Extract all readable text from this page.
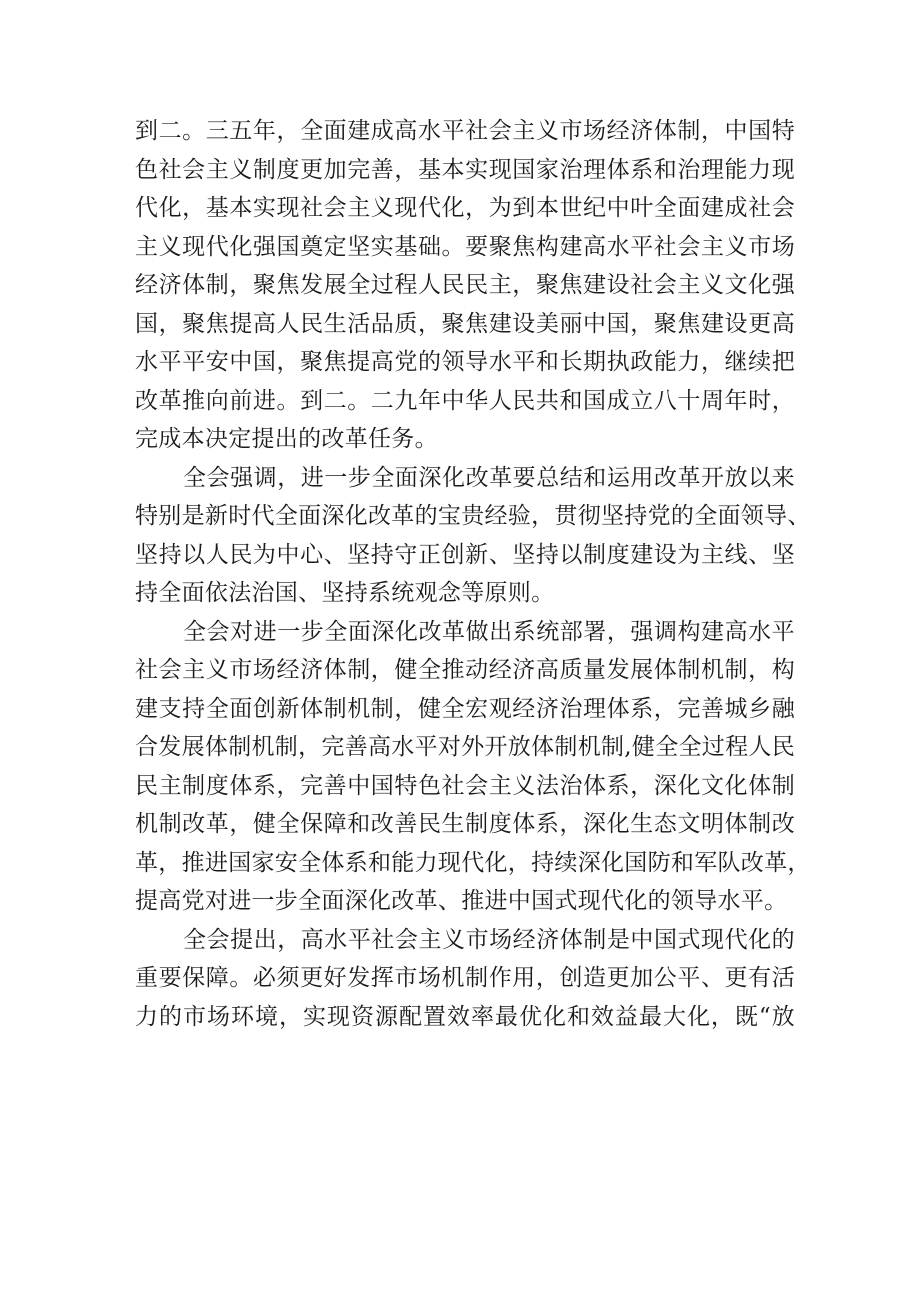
到二。三五年，全面建成高水平社会主义市场经济体制，中国特
色社会主义制度更加完善，基本实现国家治理体系和治理能力现
代化，基本实现社会主义现代化，为到本世纪中叶全面建成社会
主义现代化强国奠定坚实基础。要聚焦构建高水平社会主义市场
经济体制，聚焦发展全过程人民民主，聚焦建设社会主义文化强
国，聚焦提高人民生活品质，聚焦建设美丽中国，聚焦建设更高
水平平安中国，聚焦提高党的领导水平和长期执政能力，继续把
改革推向前进。到二。二九年中华人民共和国成立八十周年时，
完成本决定提出的改革任务。
全会强调，进一步全面深化改革要总结和运用改革开放以来
特别是新时代全面深化改革的宝贵经验，贯彻坚持党的全面领导、
坚持以人民为中心、坚持守正创新、坚持以制度建设为主线、坚
持全面依法治国、坚持系统观念等原则。
全会对进一步全面深化改革做出系统部署，强调构建高水平
社会主义市场经济体制，健全推动经济高质量发展体制机制，构
建支持全面创新体制机制，健全宏观经济治理体系，完善城乡融
合发展体制机制，完善高水平对外开放体制机制,健全全过程人民
民主制度体系，完善中国特色社会主义法治体系，深化文化体制
机制改革，健全保障和改善民生制度体系，深化生态文明体制改
革，推进国家安全体系和能力现代化，持续深化国防和军队改革，
提高党对进一步全面深化改革、推进中国式现代化的领导水平。
全会提出，高水平社会主义市场经济体制是中国式现代化的
重要保障。必须更好发挥市场机制作用，创造更加公平、更有活
力的市场环境，实现资源配置效率最优化和效益最大化，既“放
